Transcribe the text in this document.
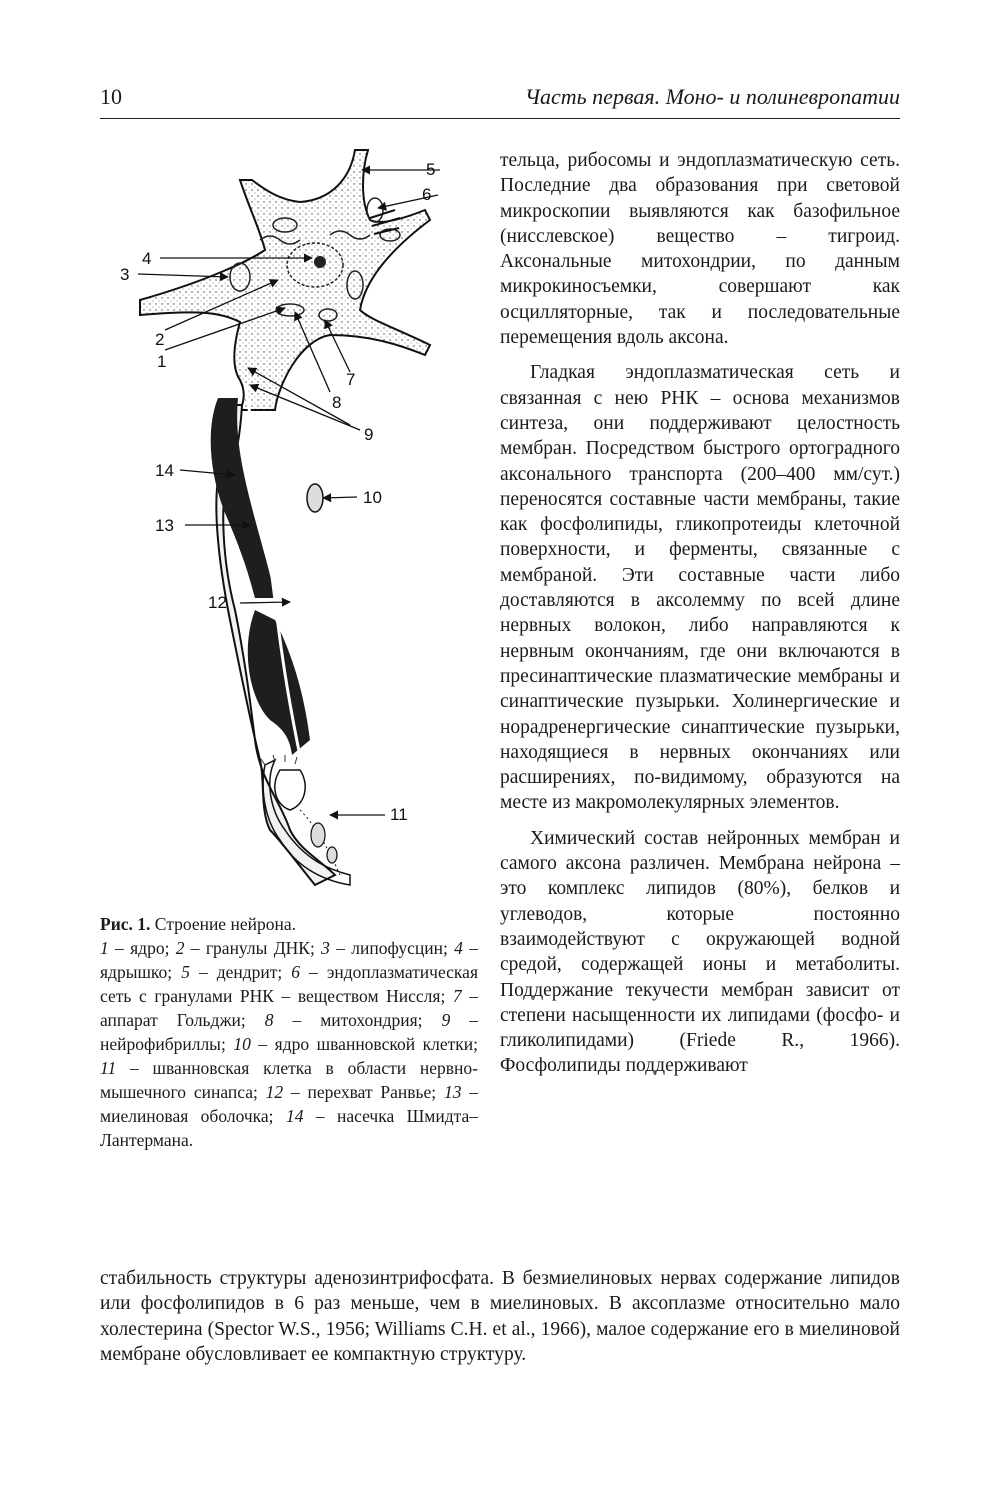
10	Часть первая. Моно- и полиневропатии
1
2
3
4
5
6
7
8
9
10
11
12
13
14
Рис. 1. Строение нейрона.
1 – ядро; 2 – гранулы ДНК; 3 – липофусцин; 4 – ядрышко; 5 – дендрит; 6 – эндоплазматическая сеть с гранулами РНК – веществом Ниссля; 7 – аппарат Гольджи; 8 – митохондрия; 9 – нейрофибриллы; 10 – ядро шванновской клетки; 11 – шванновская клетка в области нервно-мышечного синапса; 12 – перехват Ранвье; 13 – миелиновая оболочка; 14 – насечка Шмидта–Лантермана.

тельца, рибосомы и эндоплазматическую сеть. Последние два образования при световой микроскопии выявляются как базофильное (нисслевское) вещество – тигроид. Аксональные митохондрии, по данным микрокиносъемки, совершают как осцилляторные, так и последовательные перемещения вдоль аксона.

Гладкая эндоплазматическая сеть и связанная с нею РНК – основа механизмов синтеза, они поддерживают целостность мембран. Посредством быстрого ортоградного аксонального транспорта (200–400 мм/сут.) переносятся составные части мембраны, такие как фосфолипиды, гликопротеиды клеточной поверхности, и ферменты, связанные с мембраной. Эти составные части либо доставляются в аксолемму по всей длине нервных волокон, либо направляются к нервным окончаниям, где они включаются в пресинаптические плазматические мембраны и синаптические пузырьки. Холинергические и норадренергические синаптические пузырьки, находящиеся в нервных окончаниях или расширениях, по-видимому, образуются на месте из макромолекулярных элементов.

Химический состав нейронных мембран и самого аксона различен. Мембрана нейрона – это комплекс липидов (80%), белков и углеводов, которые постоянно взаимодействуют с окружающей водной средой, содержащей ионы и метаболиты. Поддержание текучести мембран зависит от степени насыщенности их липидами (фосфо- и гликолипидами) (Friede R., 1966). Фосфолипиды поддерживают

стабильность структуры аденозинтрифосфата. В безмиелиновых нервах содержание липидов или фосфолипидов в 6 раз меньше, чем в миелиновых. В аксоплазме относительно мало холестерина (Spector W.S., 1956; Williams C.H. et al., 1966), малое содержание его в миелиновой мембране обусловливает ее компактную структуру.
